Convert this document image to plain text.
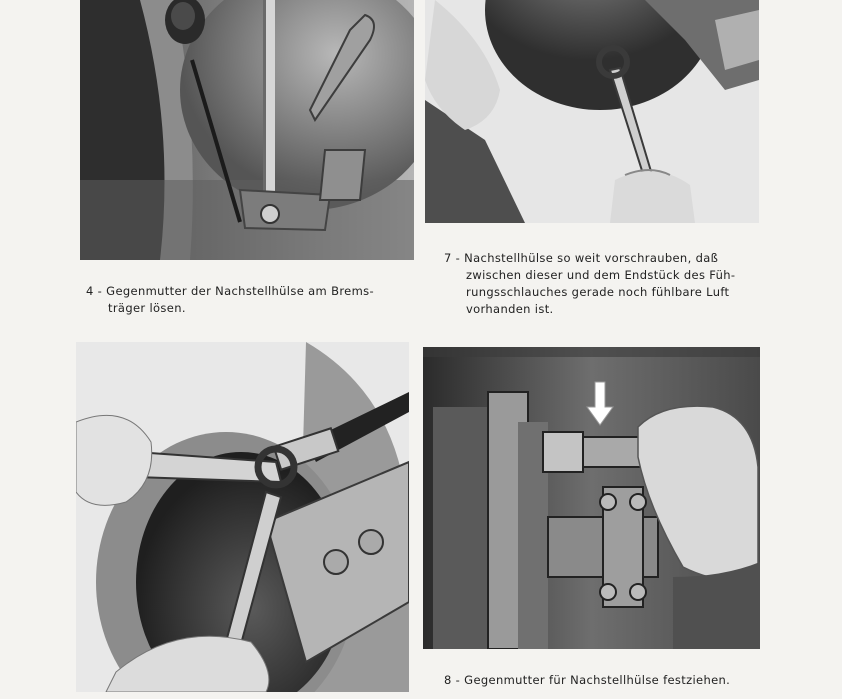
7 - Nachstellhülse so weit vorschrauben, daß
zwischen dieser und dem Endstück des Füh-
rungsschlauches gerade noch fühlbare Luft
vorhanden ist.
4 - Gegenmutter der Nachstellhülse am Brems-
träger lösen.
8 - Gegenmutter für Nachstellhülse festziehen.
